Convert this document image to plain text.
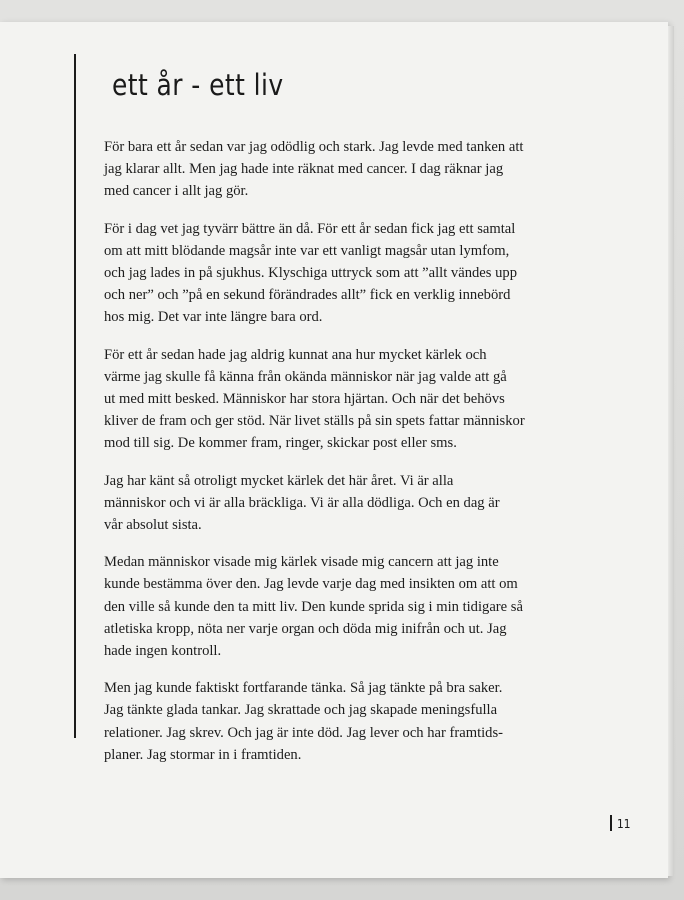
ett år - ett liv

För bara ett år sedan var jag odödlig och stark. Jag levde med tanken att
jag klarar allt. Men jag hade inte räknat med cancer. I dag räknar jag
med cancer i allt jag gör.

För i dag vet jag tyvärr bättre än då. För ett år sedan fick jag ett samtal
om att mitt blödande magsår inte var ett vanligt magsår utan lymfom,
och jag lades in på sjukhus. Klyschiga uttryck som att ”allt vändes upp
och ner” och ”på en sekund förändrades allt” fick en verklig innebörd
hos mig. Det var inte längre bara ord.

För ett år sedan hade jag aldrig kunnat ana hur mycket kärlek och
värme jag skulle få känna från okända människor när jag valde att gå
ut med mitt besked. Människor har stora hjärtan. Och när det behövs
kliver de fram och ger stöd. När livet ställs på sin spets fattar människor
mod till sig. De kommer fram, ringer, skickar post eller sms.

Jag har känt så otroligt mycket kärlek det här året. Vi är alla
människor och vi är alla bräckliga. Vi är alla dödliga. Och en dag är
vår absolut sista.

Medan människor visade mig kärlek visade mig cancern att jag inte
kunde bestämma över den. Jag levde varje dag med insikten om att om
den ville så kunde den ta mitt liv. Den kunde sprida sig i min tidigare så
atletiska kropp, nöta ner varje organ och döda mig inifrån och ut. Jag
hade ingen kontroll.

Men jag kunde faktiskt fortfarande tänka. Så jag tänkte på bra saker.
Jag tänkte glada tankar. Jag skrattade och jag skapade meningsfulla
relationer. Jag skrev. Och jag är inte död. Jag lever och har framtids-
planer. Jag stormar in i framtiden.

11
